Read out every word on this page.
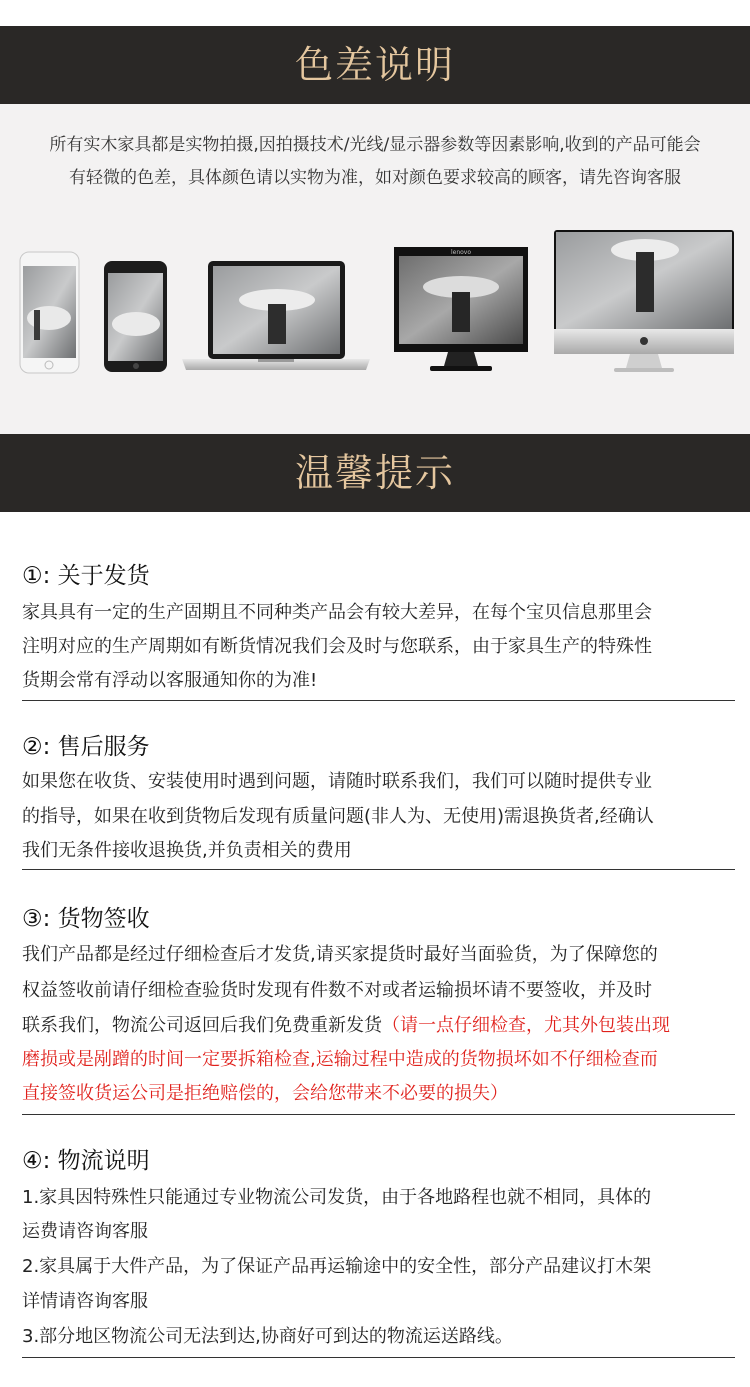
色差说明
所有实木家具都是实物拍摄,因拍摄技术/光线/显示器参数等因素影响,收到的产品可能会
有轻微的色差，具体颜色请以实物为准，如对颜色要求较高的顾客，请先咨询客服
lenovo
温馨提示
①: 关于发货
家具具有一定的生产固期且不同种类产品会有较大差异，在每个宝贝信息那里会
注明对应的生产周期如有断货情况我们会及时与您联系，由于家具生产的特殊性
货期会常有浮动以客服通知你的为准!
②: 售后服务
如果您在收货、安装使用时遇到问题，请随时联系我们，我们可以随时提供专业
的指导，如果在收到货物后发现有质量问题(非人为、无使用)需退换货者,经确认
我们无条件接收退换货,并负责相关的费用
③: 货物签收
我们产品都是经过仔细检查后才发货,请买家提货时最好当面验货，为了保障您的
权益签收前请仔细检查验货时发现有件数不对或者运输损坏请不要签收，并及时
联系我们，物流公司返回后我们免费重新发货（请一点仔细检查，尤其外包装出现
磨损或是剐蹭的时间一定要拆箱检查,运输过程中造成的货物损坏如不仔细检查而
直接签收货运公司是拒绝赔偿的，会给您带来不必要的损失）
④: 物流说明
1.家具因特殊性只能通过专业物流公司发货，由于各地路程也就不相同，具体的
运费请咨询客服
2.家具属于大件产品，为了保证产品再运输途中的安全性，部分产品建议打木架
详情请咨询客服
3.部分地区物流公司无法到达,协商好可到达的物流运送路线。
